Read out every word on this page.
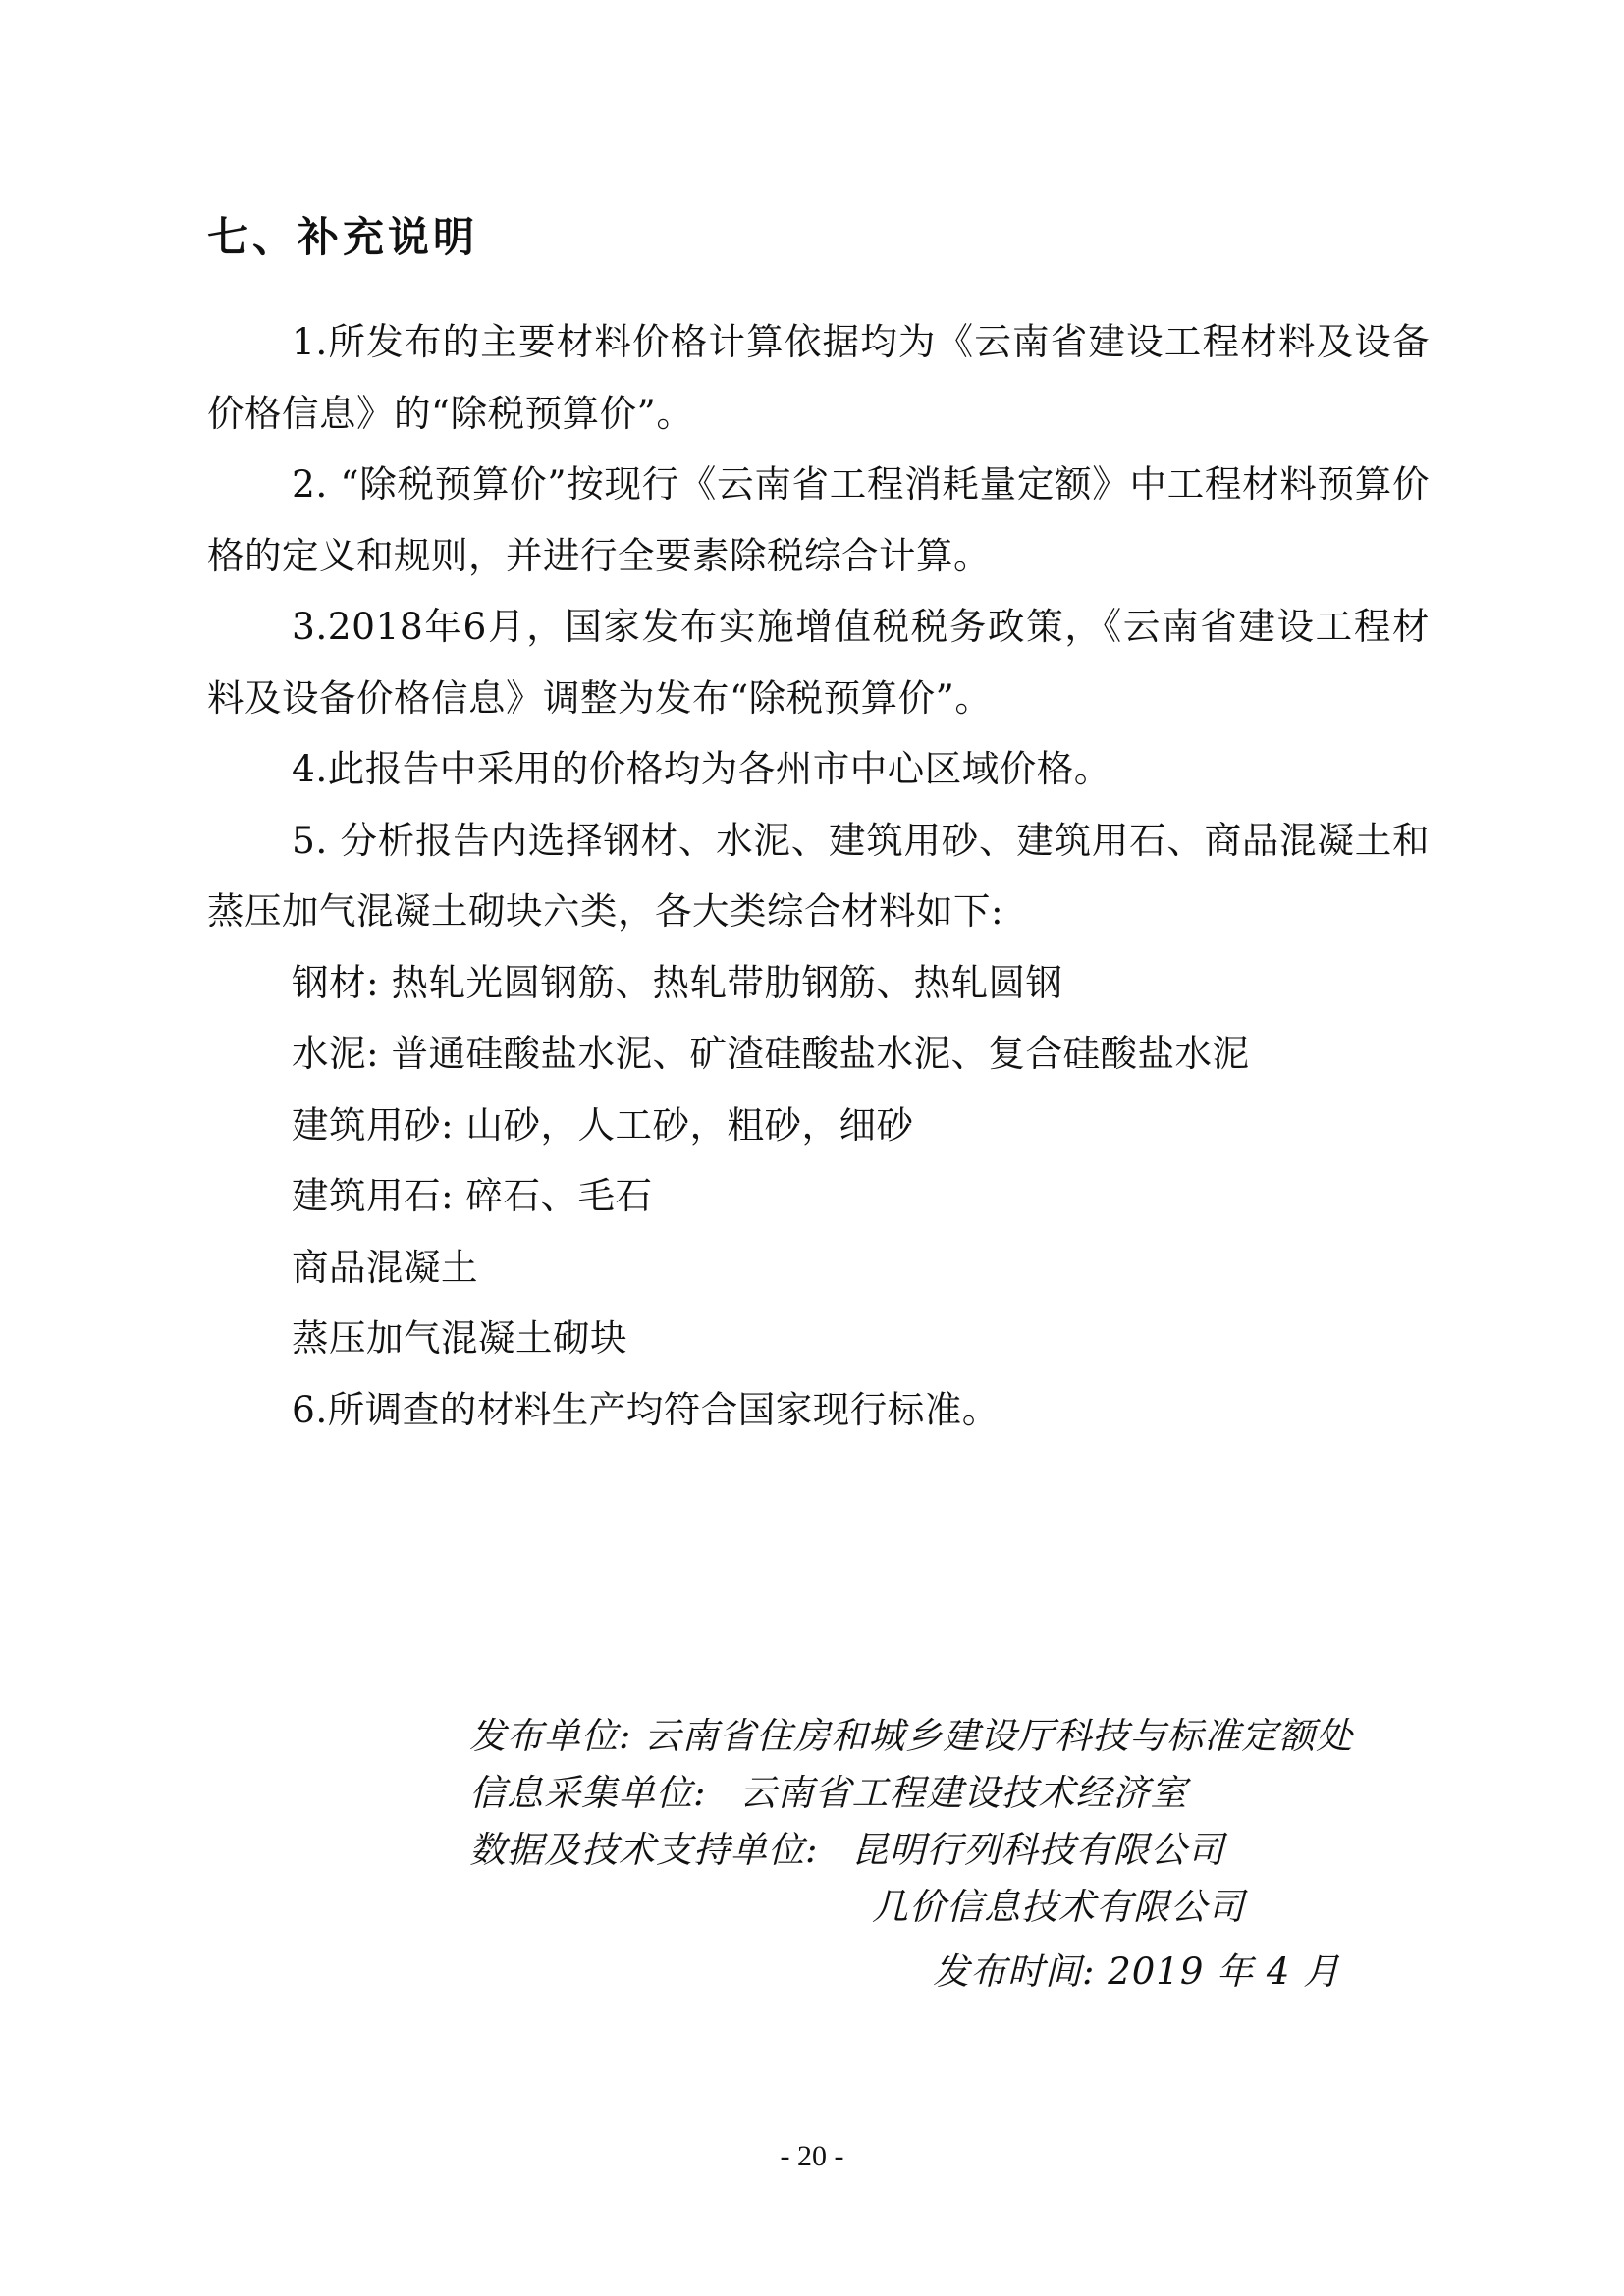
七、补充说明

1.所发布的主要材料价格计算依据均为《云南省建设工程材料及设备价格信息》的“除税预算价”。

2. “除税预算价”按现行《云南省工程消耗量定额》中工程材料预算价格的定义和规则，并进行全要素除税综合计算。

3.2018年6月，国家发布实施增值税税务政策，《云南省建设工程材料及设备价格信息》调整为发布“除税预算价”。

4.此报告中采用的价格均为各州市中心区域价格。

5. 分析报告内选择钢材、水泥、建筑用砂、建筑用石、商品混凝土和蒸压加气混凝土砌块六类，各大类综合材料如下:

钢材: 热轧光圆钢筋、热轧带肋钢筋、热轧圆钢

水泥: 普通硅酸盐水泥、矿渣硅酸盐水泥、复合硅酸盐水泥

建筑用砂: 山砂，人工砂，粗砂，细砂

建筑用石: 碎石、毛石

商品混凝土

蒸压加气混凝土砌块

6.所调查的材料生产均符合国家现行标准。

发布单位: 云南省住房和城乡建设厅科技与标准定额处
信息采集单位: 云南省工程建设技术经济室
数据及技术支持单位: 昆明行列科技有限公司
几价信息技术有限公司
发布时间: 2019 年 4 月
- 20 -
